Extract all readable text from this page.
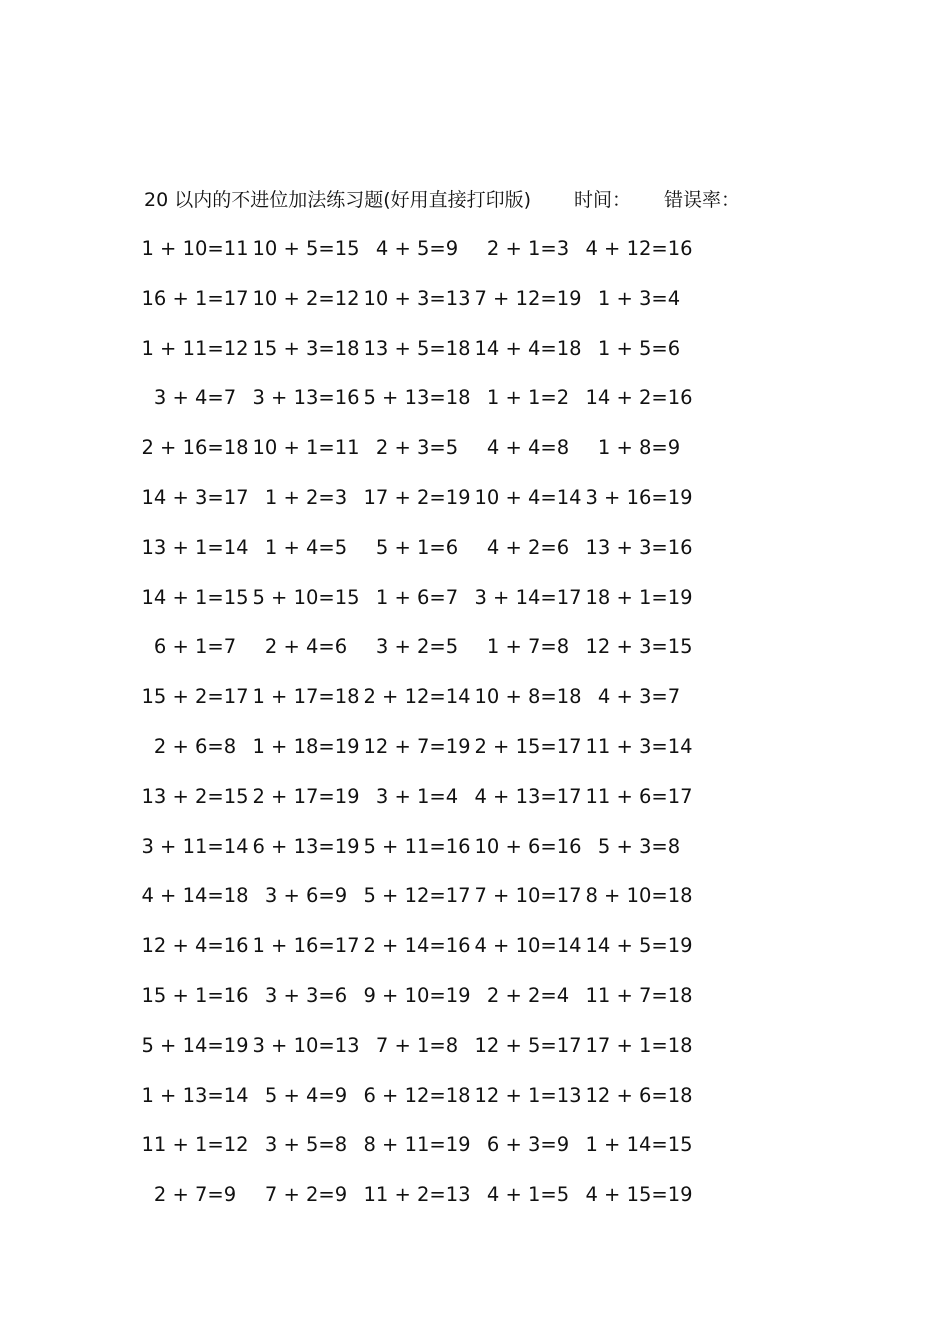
20 以内的不进位加法练习题(好用直接打印版) 时间： 错误率：
1 + 10=11 10 + 5=15 4 + 5=9	2 + 1=3 4 + 12=16
16 + 1=17 10 + 2=12 10 + 3=13 7 + 12=19 1 + 3=4
1 + 11=12 15 + 3=18 13 + 5=18 14 + 4=18 1 + 5=6
3 + 4=7 3 + 13=16 5 + 13=18 1 + 1=2 14 + 2=16
2 + 16=18 10 + 1=11 2 + 3=5	4 + 4=8	1 + 8=9
14 + 3=17 1 + 2=3 17 + 2=19 10 + 4=14 3 + 16=19
13 + 1=14 1 + 4=5	5 + 1=6	4 + 2=6 13 + 3=16
14 + 1=15 5 + 10=15 1 + 6=7 3 + 14=17 18 + 1=19
6 + 1=7	2 + 4=6	3 + 2=5	1 + 7=8 12 + 3=15
15 + 2=17 1 + 17=18 2 + 12=14 10 + 8=18 4 + 3=7
2 + 6=8 1 + 18=19 12 + 7=19 2 + 15=17 11 + 3=14
13 + 2=15 2 + 17=19 3 + 1=4 4 + 13=17 11 + 6=17
3 + 11=14 6 + 13=19 5 + 11=16 10 + 6=16 5 + 3=8
4 + 14=18 3 + 6=9 5 + 12=17 7 + 10=17 8 + 10=18
12 + 4=16 1 + 16=17 2 + 14=16 4 + 10=14 14 + 5=19
15 + 1=16 3 + 3=6 9 + 10=19 2 + 2=4 11 + 7=18
5 + 14=19 3 + 10=13 7 + 1=8 12 + 5=17 17 + 1=18
1 + 13=14 5 + 4=9 6 + 12=18 12 + 1=13 12 + 6=18
11 + 1=12 3 + 5=8 8 + 11=19 6 + 3=9 1 + 14=15
2 + 7=9	7 + 2=9 11 + 2=13 4 + 1=5 4 + 15=19
